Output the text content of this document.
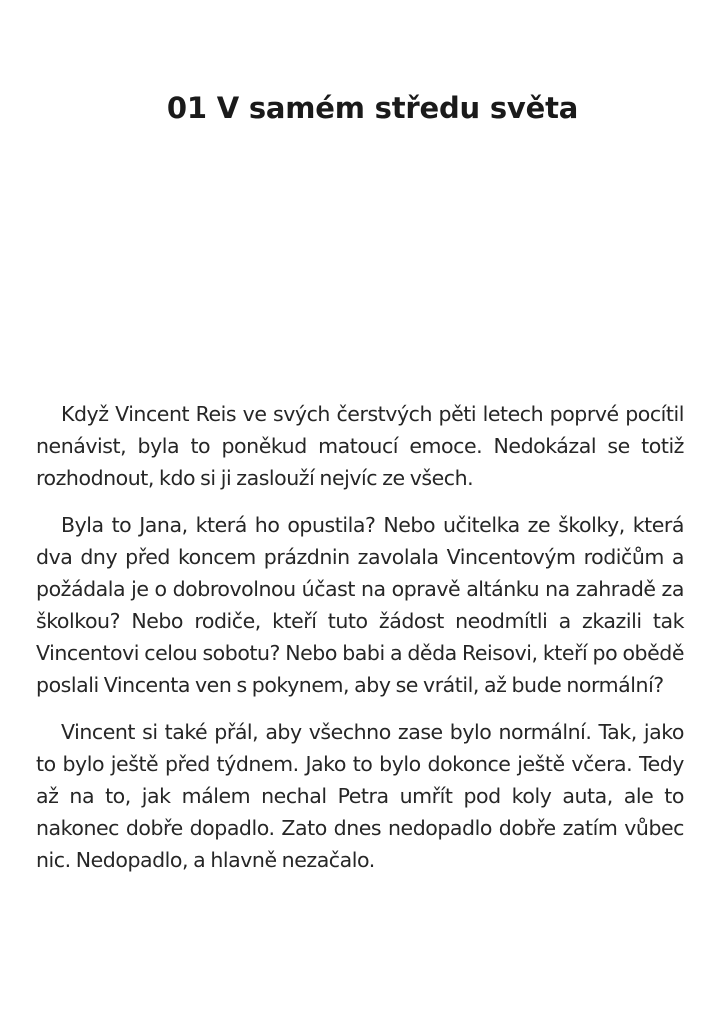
01 V samém středu světa

Když Vincent Reis ve svých čerstvých pěti letech poprvé pocítil nenávist, byla to poněkud matoucí emoce. Nedokázal se totiž rozhodnout, kdo si ji zaslouží nejvíc ze všech.

Byla to Jana, která ho opustila? Nebo učitelka ze školky, která dva dny před koncem prázdnin zavolala Vincentovým rodičům a požádala je o dobrovolnou účast na opravě altánku na zahradě za školkou? Nebo rodiče, kteří tuto žádost neodmítli a zkazili tak Vincentovi celou sobotu? Nebo babi a děda Reisovi, kteří po obědě poslali Vincenta ven s pokynem, aby se vrátil, až bude normální?

Vincent si také přál, aby všechno zase bylo normální. Tak, jako to bylo ještě před týdnem. Jako to bylo dokonce ještě včera. Tedy až na to, jak málem nechal Petra umřít pod koly auta, ale to nakonec dobře dopadlo. Zato dnes nedopadlo dobře zatím vůbec nic. Nedopadlo, a hlavně nezačalo.
